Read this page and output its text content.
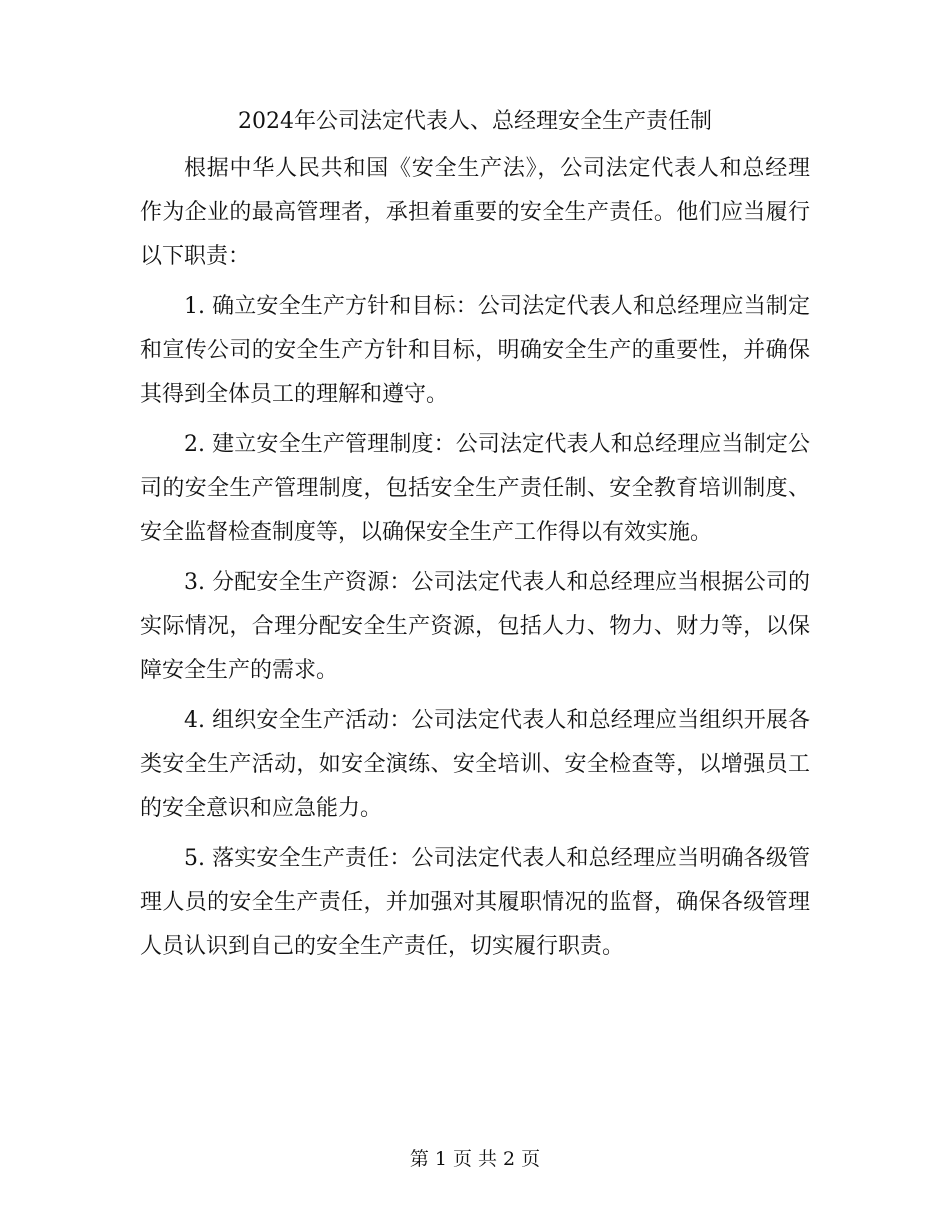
2024年公司法定代表人、总经理安全生产责任制

根据中华人民共和国《安全生产法》，公司法定代表人和总经理作为企业的最高管理者，承担着重要的安全生产责任。他们应当履行以下职责：

1. 确立安全生产方针和目标：公司法定代表人和总经理应当制定和宣传公司的安全生产方针和目标，明确安全生产的重要性，并确保其得到全体员工的理解和遵守。

2. 建立安全生产管理制度：公司法定代表人和总经理应当制定公司的安全生产管理制度，包括安全生产责任制、安全教育培训制度、安全监督检查制度等，以确保安全生产工作得以有效实施。

3. 分配安全生产资源：公司法定代表人和总经理应当根据公司的实际情况，合理分配安全生产资源，包括人力、物力、财力等，以保障安全生产的需求。

4. 组织安全生产活动：公司法定代表人和总经理应当组织开展各类安全生产活动，如安全演练、安全培训、安全检查等，以增强员工的安全意识和应急能力。

5. 落实安全生产责任：公司法定代表人和总经理应当明确各级管理人员的安全生产责任，并加强对其履职情况的监督，确保各级管理人员认识到自己的安全生产责任，切实履行职责。

第 1 页 共 2 页
